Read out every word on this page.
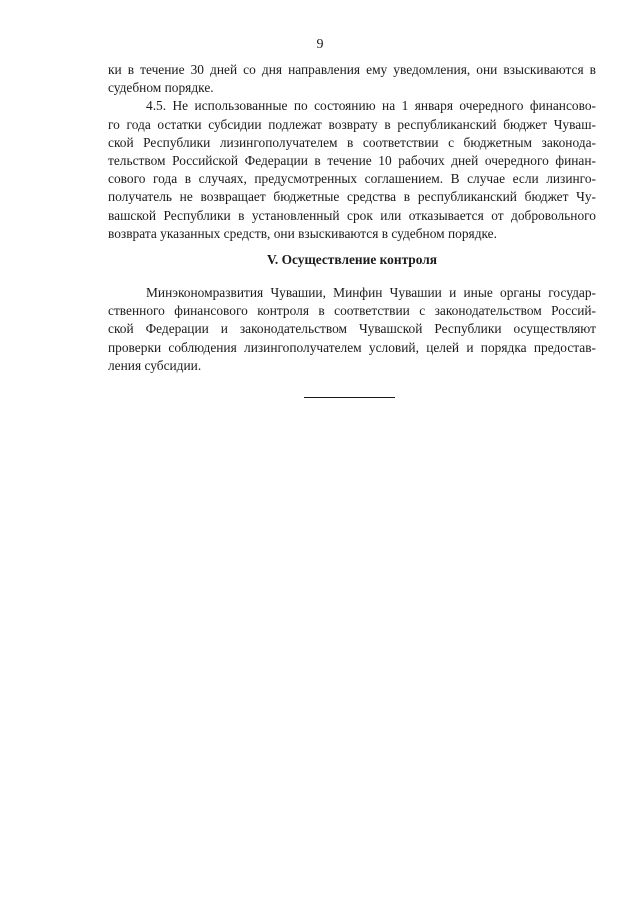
9
ки в течение 30 дней со дня направления ему уведомления, они взыскиваются в
судебном порядке.
4.5. Не использованные по состоянию на 1 января очередного финансово-
го года остатки субсидии подлежат возврату в республиканский бюджет Чуваш-
ской Республики лизингополучателем в соответствии с бюджетным законода-
тельством Российской Федерации в течение 10 рабочих дней очередного финан-
сового года в случаях, предусмотренных соглашением. В случае если лизинго-
получатель не возвращает бюджетные средства в республиканский бюджет Чу-
вашской Республики в установленный срок или отказывается от добровольного
возврата указанных средств, они взыскиваются в судебном порядке.
V. Осуществление контроля
Минэкономразвития Чувашии, Минфин Чувашии и иные органы государ-
ственного финансового контроля в соответствии с законодательством Россий-
ской Федерации и законодательством Чувашской Республики осуществляют
проверки соблюдения лизингополучателем условий, целей и порядка предостав-
ления субсидии.
